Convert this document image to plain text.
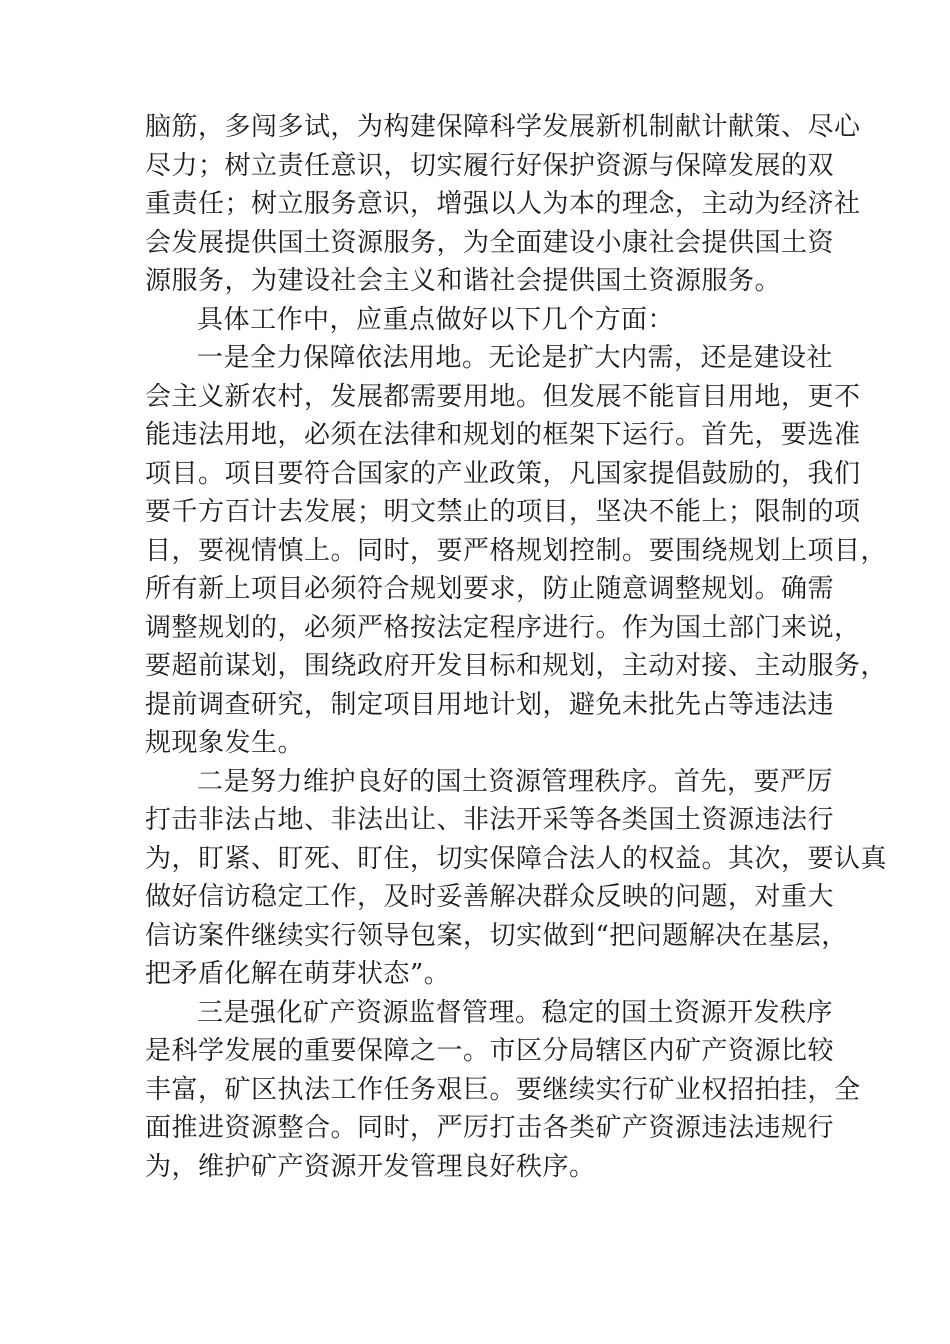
脑筋，多闯多试，为构建保障科学发展新机制献计献策、尽心
尽力；树立责任意识，切实履行好保护资源与保障发展的双
重责任；树立服务意识，增强以人为本的理念，主动为经济社
会发展提供国土资源服务，为全面建设小康社会提供国土资
源服务，为建设社会主义和谐社会提供国土资源服务。
具体工作中，应重点做好以下几个方面：
一是全力保障依法用地。无论是扩大内需，还是建设社
会主义新农村，发展都需要用地。但发展不能盲目用地，更不
能违法用地，必须在法律和规划的框架下运行。首先，要选准
项目。项目要符合国家的产业政策，凡国家提倡鼓励的，我们
要千方百计去发展；明文禁止的项目，坚决不能上；限制的项
目，要视情慎上。同时，要严格规划控制。要围绕规划上项目，
所有新上项目必须符合规划要求，防止随意调整规划。确需
调整规划的，必须严格按法定程序进行。作为国土部门来说，
要超前谋划，围绕政府开发目标和规划，主动对接、主动服务，
提前调查研究，制定项目用地计划，避免未批先占等违法违
规现象发生。
二是努力维护良好的国土资源管理秩序。首先，要严厉
打击非法占地、非法出让、非法开采等各类国土资源违法行
为，盯紧、盯死、盯住，切实保障合法人的权益。其次，要认真
做好信访稳定工作，及时妥善解决群众反映的问题，对重大
信访案件继续实行领导包案，切实做到“把问题解决在基层，
把矛盾化解在萌芽状态”。
三是强化矿产资源监督管理。稳定的国土资源开发秩序
是科学发展的重要保障之一。市区分局辖区内矿产资源比较
丰富，矿区执法工作任务艰巨。要继续实行矿业权招拍挂，全
面推进资源整合。同时，严厉打击各类矿产资源违法违规行
为，维护矿产资源开发管理良好秩序。
